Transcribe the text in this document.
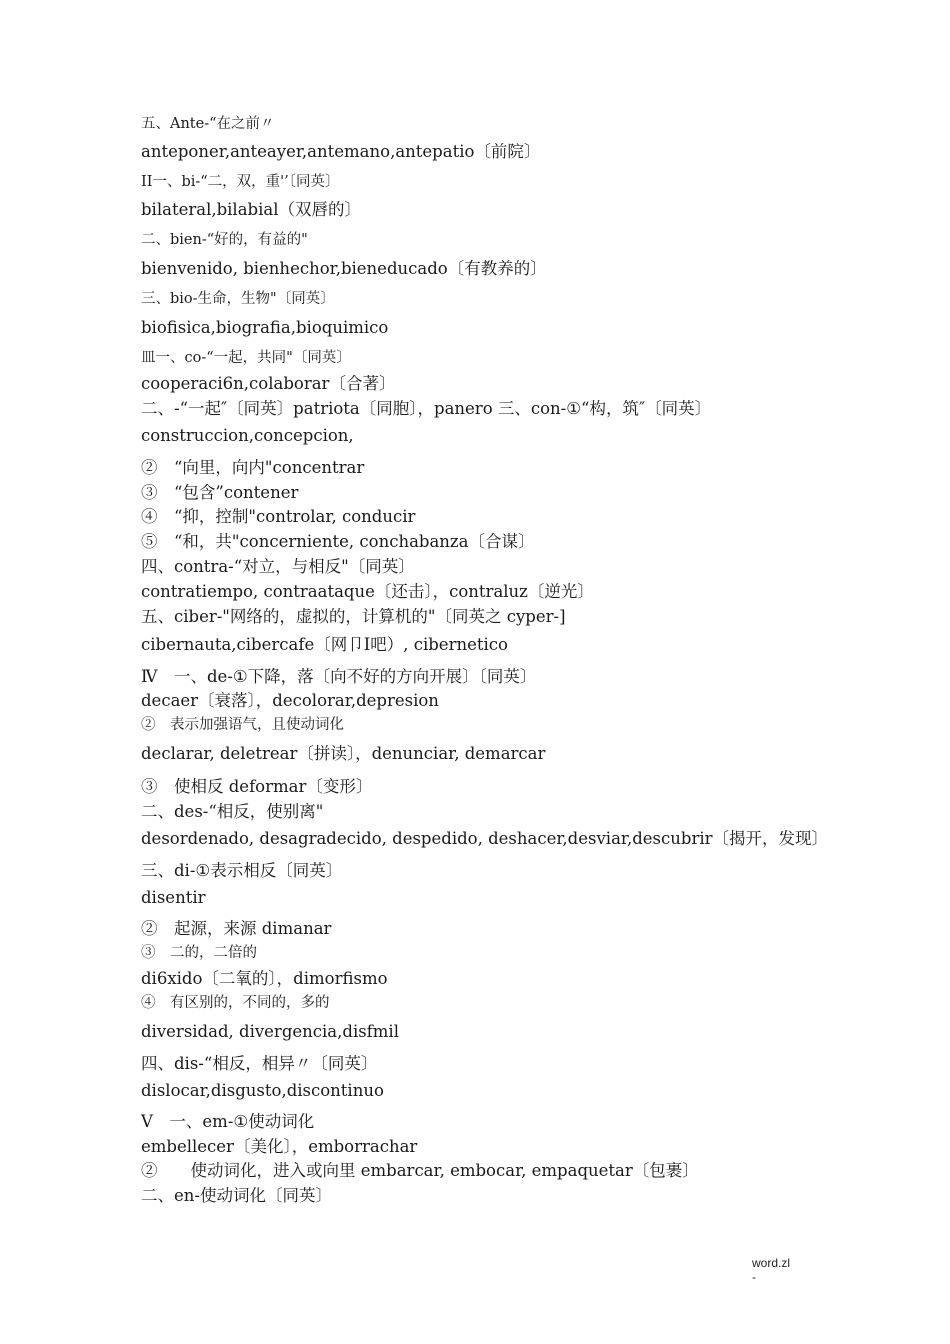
五、Ante-“在之前〃
anteponer,anteayer,antemano,antepatio〔前院〕
II一、bi-“二，双，重'’〔同英〕
bilateral,bilabial（双唇的〕
二、bien-“好的，有益的"
bienvenido, bienhechor,bieneducado〔有教养的〕
三、bio-生命，生物"〔同英〕
biofisica,biografia,bioquimico
皿一、co-“一起，共同"〔同英〕
cooperaci6n,colaborar〔合著〕
二、-“一起″〔同英〕patriota〔同胞〕，panero 三、con-①“构，筑″〔同英〕
construccion,concepcion,
②　“向里，向内"concentrar
③　“包含”contener
④　“抑，控制"controlar, conducir
⑤　“和，共"concerniente, conchabanza〔合谋〕
四、contra-“对立，与相反"〔同英〕
contratiempo, contraataque〔还击〕，contraluz〔逆光〕
五、ciber-"网络的，虚拟的，计算机的"〔同英之 cyper-]
cibernauta,cibercafe〔网卩I吧）, cibernetico
Ⅳ　一、de-①下降，落〔向不好的方向开展〕〔同英〕
decaer〔衰落〕，decolorar,depresion
②　表示加强语气，且使动词化
declarar, deletrear〔拼读〕，denunciar, demarcar
③　使相反 deformar〔变形〕
二、des-“相反，使别离"
desordenado, desagradecido, despedido, deshacer,desviar,descubrir〔揭开，发现〕
三、di-①表示相反〔同英〕
disentir
②　起源，来源 dimanar
③　二的，二倍的
di6xido〔二氧的〕，dimorfismo
④　有区别的，不同的，多的
diversidad, divergencia,disfmil
四、dis-“相反，相异〃〔同英〕
dislocar,disgusto,discontinuo
Ⅴ　一、em-①使动词化
embellecer〔美化〕，emborrachar
②　　使动词化，进入或向里 embarcar, embocar, empaquetar〔包裹〕
二、en-使动词化〔同英〕
word.zl
-
